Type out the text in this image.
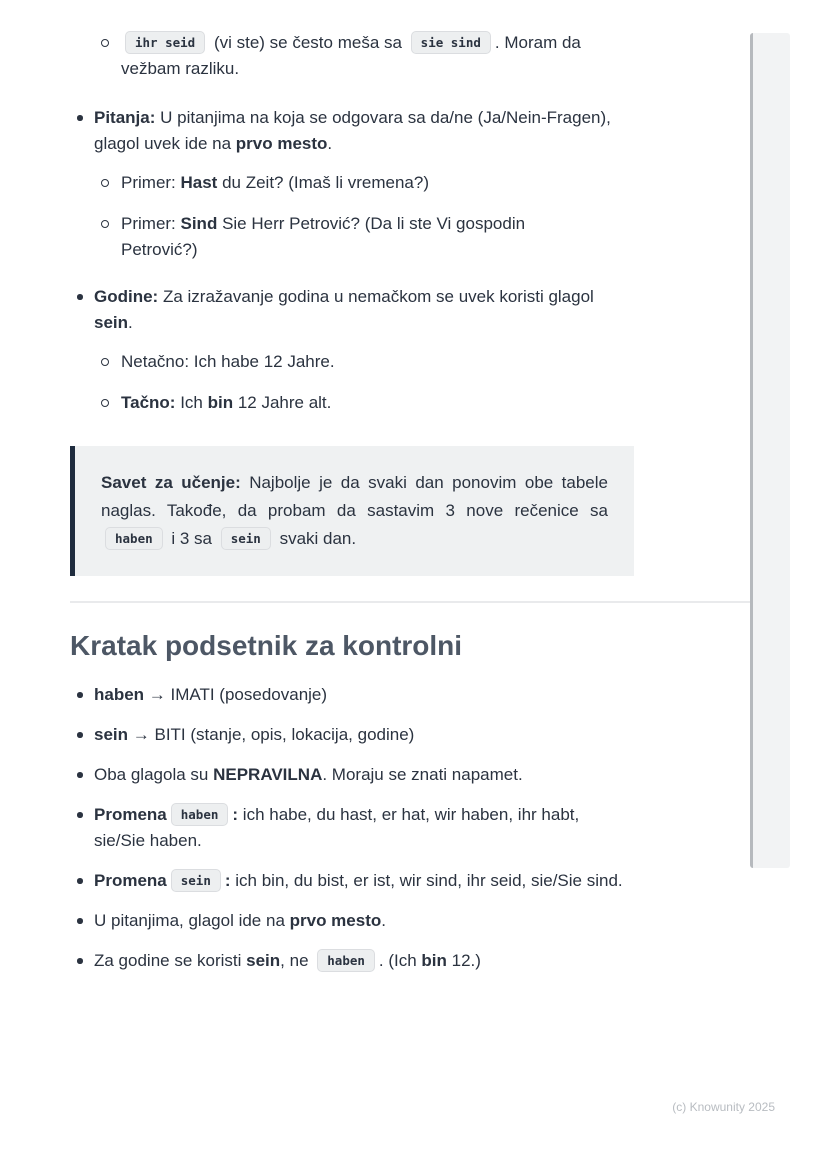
ihr seid (vi ste) se često meša sa sie sind . Moram da vežbam razliku.
Pitanja: U pitanjima na koja se odgovara sa da/ne (Ja/Nein-Fragen), glagol uvek ide na prvo mesto.
Primer: Hast du Zeit? (Imaš li vremena?)
Primer: Sind Sie Herr Petrović? (Da li ste Vi gospodin Petrović?)
Godine: Za izražavanje godina u nemačkom se uvek koristi glagol sein.
Netačno: Ich habe 12 Jahre.
Tačno: Ich bin 12 Jahre alt.
Savet za učenje: Najbolje je da svaki dan ponovim obe tabele naglas. Takođe, da probam da sastavim 3 nove rečenice sa haben i 3 sa sein svaki dan.
Kratak podsetnik za kontrolni
haben → IMATI (posedovanje)
sein → BITI (stanje, opis, lokacija, godine)
Oba glagola su NEPRAVILNA. Moraju se znati napamet.
Promena haben : ich habe, du hast, er hat, wir haben, ihr habt, sie/Sie haben.
Promena sein : ich bin, du bist, er ist, wir sind, ihr seid, sie/Sie sind.
U pitanjima, glagol ide na prvo mesto.
Za godine se koristi sein, ne haben . (Ich bin 12.)
(c) Knowunity 2025
